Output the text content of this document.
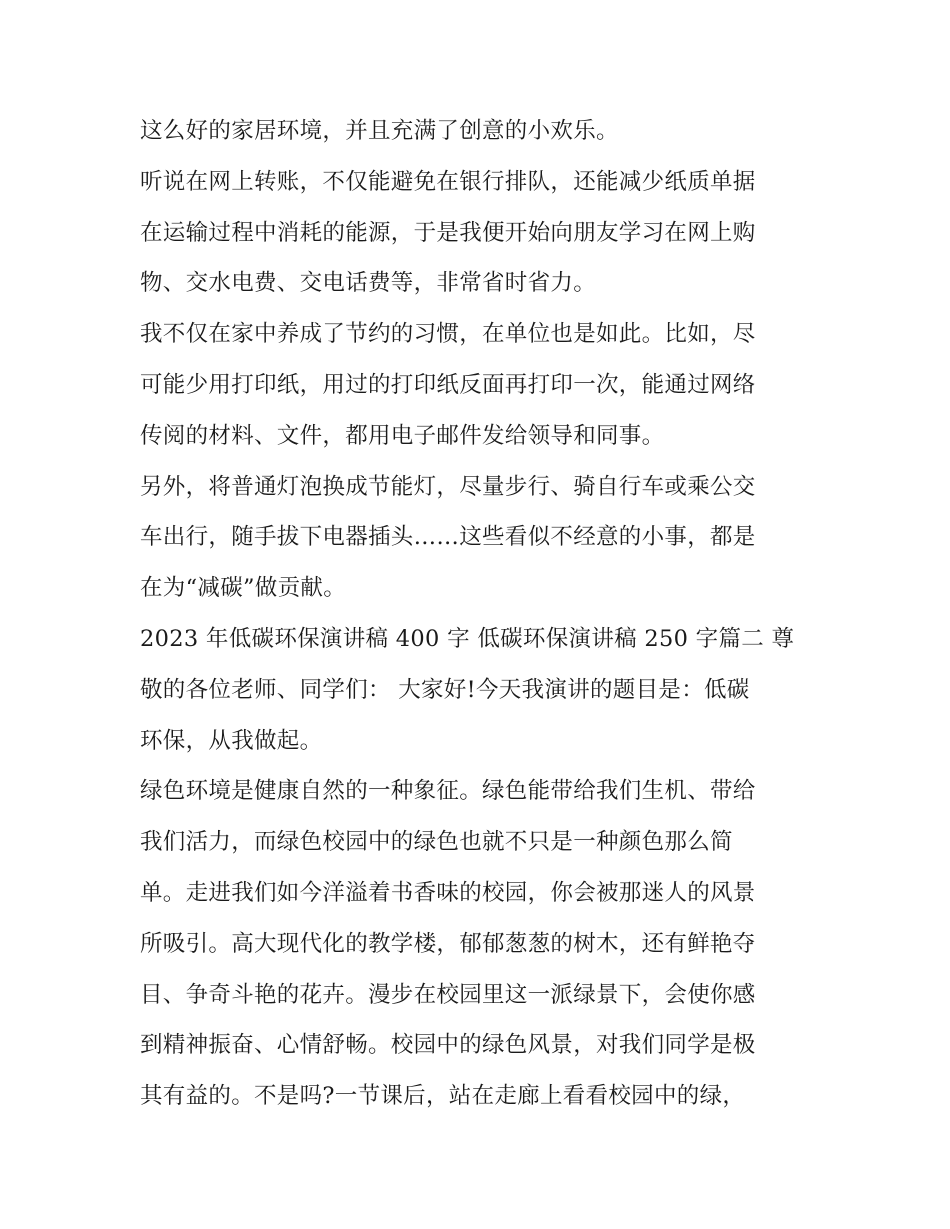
这么好的家居环境，并且充满了创意的小欢乐。
听说在网上转账，不仅能避免在银行排队，还能减少纸质单据
在运输过程中消耗的能源，于是我便开始向朋友学习在网上购
物、交水电费、交电话费等，非常省时省力。
我不仅在家中养成了节约的习惯，在单位也是如此。比如，尽
可能少用打印纸，用过的打印纸反面再打印一次，能通过网络
传阅的材料、文件，都用电子邮件发给领导和同事。
另外，将普通灯泡换成节能灯，尽量步行、骑自行车或乘公交
车出行，随手拔下电器插头……这些看似不经意的小事，都是
在为“减碳”做贡献。
2023 年低碳环保演讲稿 400 字 低碳环保演讲稿 250 字篇二 尊
敬的各位老师、同学们： 大家好!今天我演讲的题目是：低碳
环保，从我做起。
绿色环境是健康自然的一种象征。绿色能带给我们生机、带给
我们活力，而绿色校园中的绿色也就不只是一种颜色那么简
单。走进我们如今洋溢着书香味的校园，你会被那迷人的风景
所吸引。高大现代化的教学楼，郁郁葱葱的树木，还有鲜艳夺
目、争奇斗艳的花卉。漫步在校园里这一派绿景下，会使你感
到精神振奋、心情舒畅。校园中的绿色风景，对我们同学是极
其有益的。不是吗?一节课后，站在走廊上看看校园中的绿，
